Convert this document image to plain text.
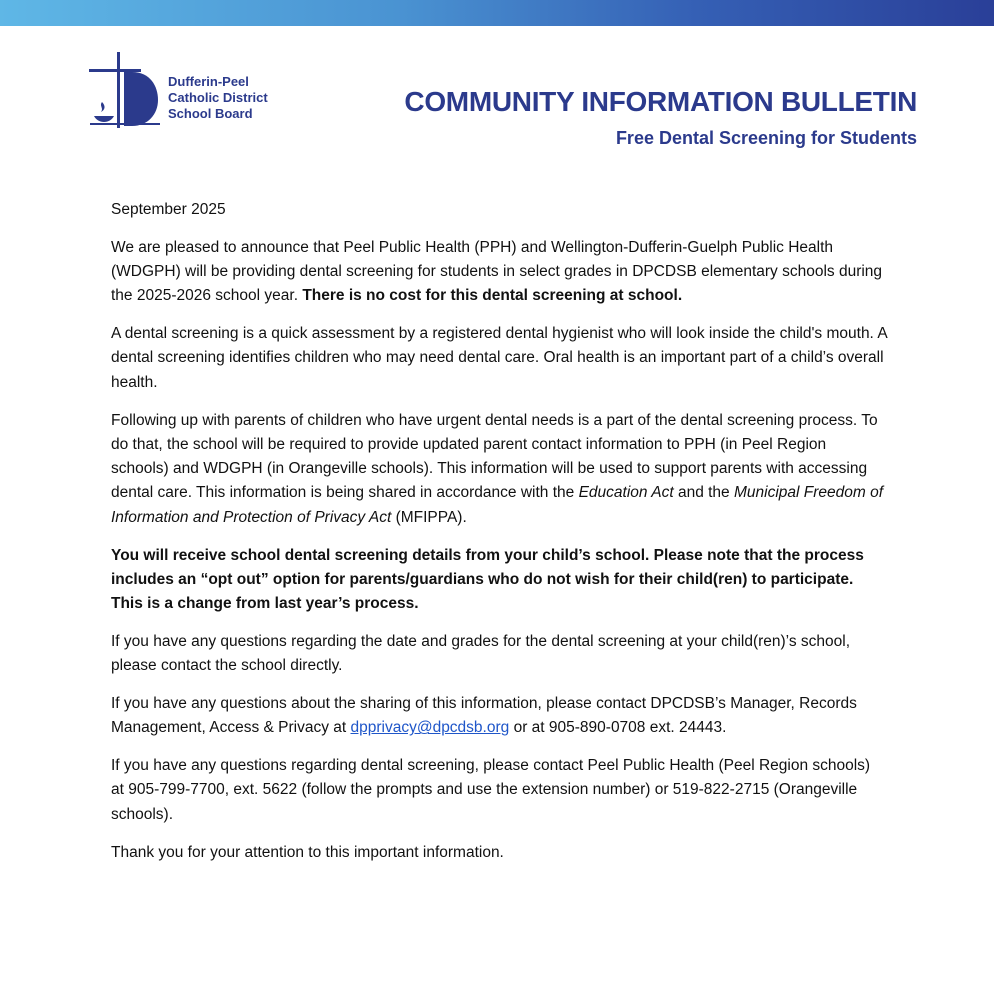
Dufferin-Peel
Catholic District
School Board	COMMUNITY INFORMATION BULLETIN
Free Dental Screening for Students

September 2025

We are pleased to announce that Peel Public Health (PPH) and Wellington-Dufferin-Guelph Public Health (WDGPH) will be providing dental screening for students in select grades in DPCDSB elementary schools during the 2025-2026 school year. There is no cost for this dental screening at school.

A dental screening is a quick assessment by a registered dental hygienist who will look inside the child's mouth. A dental screening identifies children who may need dental care. Oral health is an important part of a child’s overall health.

Following up with parents of children who have urgent dental needs is a part of the dental screening process. To do that, the school will be required to provide updated parent contact information to PPH (in Peel Region schools) and WDGPH (in Orangeville schools). This information will be used to support parents with accessing dental care. This information is being shared in accordance with the Education Act and the Municipal Freedom of Information and Protection of Privacy Act (MFIPPA).

You will receive school dental screening details from your child’s school. Please note that the process includes an “opt out” option for parents/guardians who do not wish for their child(ren) to participate. This is a change from last year’s process.

If you have any questions regarding the date and grades for the dental screening at your child(ren)’s school, please contact the school directly.

If you have any questions about the sharing of this information, please contact DPCDSB’s Manager, Records Management, Access & Privacy at dpprivacy@dpcdsb.org or at 905-890-0708 ext. 24443.

If you have any questions regarding dental screening, please contact Peel Public Health (Peel Region schools) at 905-799-7700, ext. 5622 (follow the prompts and use the extension number) or 519-822-2715 (Orangeville schools).

Thank you for your attention to this important information.
